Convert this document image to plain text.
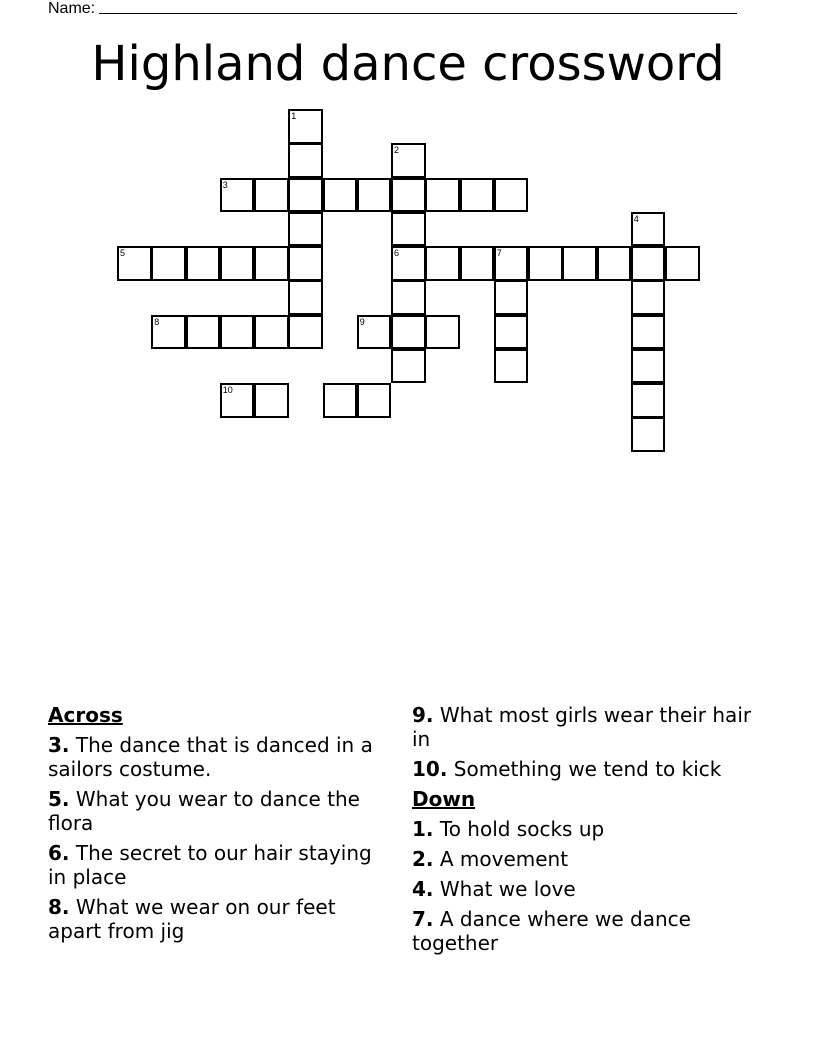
Name:
Highland dance crossword
1
2
6
3
4
5	7
8	9
10
Across
3. The dance that is danced in a sailors costume.
5. What you wear to dance the flora
6. The secret to our hair staying in place
8. What we wear on our feet apart from jig
9. What most girls wear their hair in
10. Something we tend to kick
Down
1. To hold socks up
2. A movement
4. What we love
7. A dance where we dance together
